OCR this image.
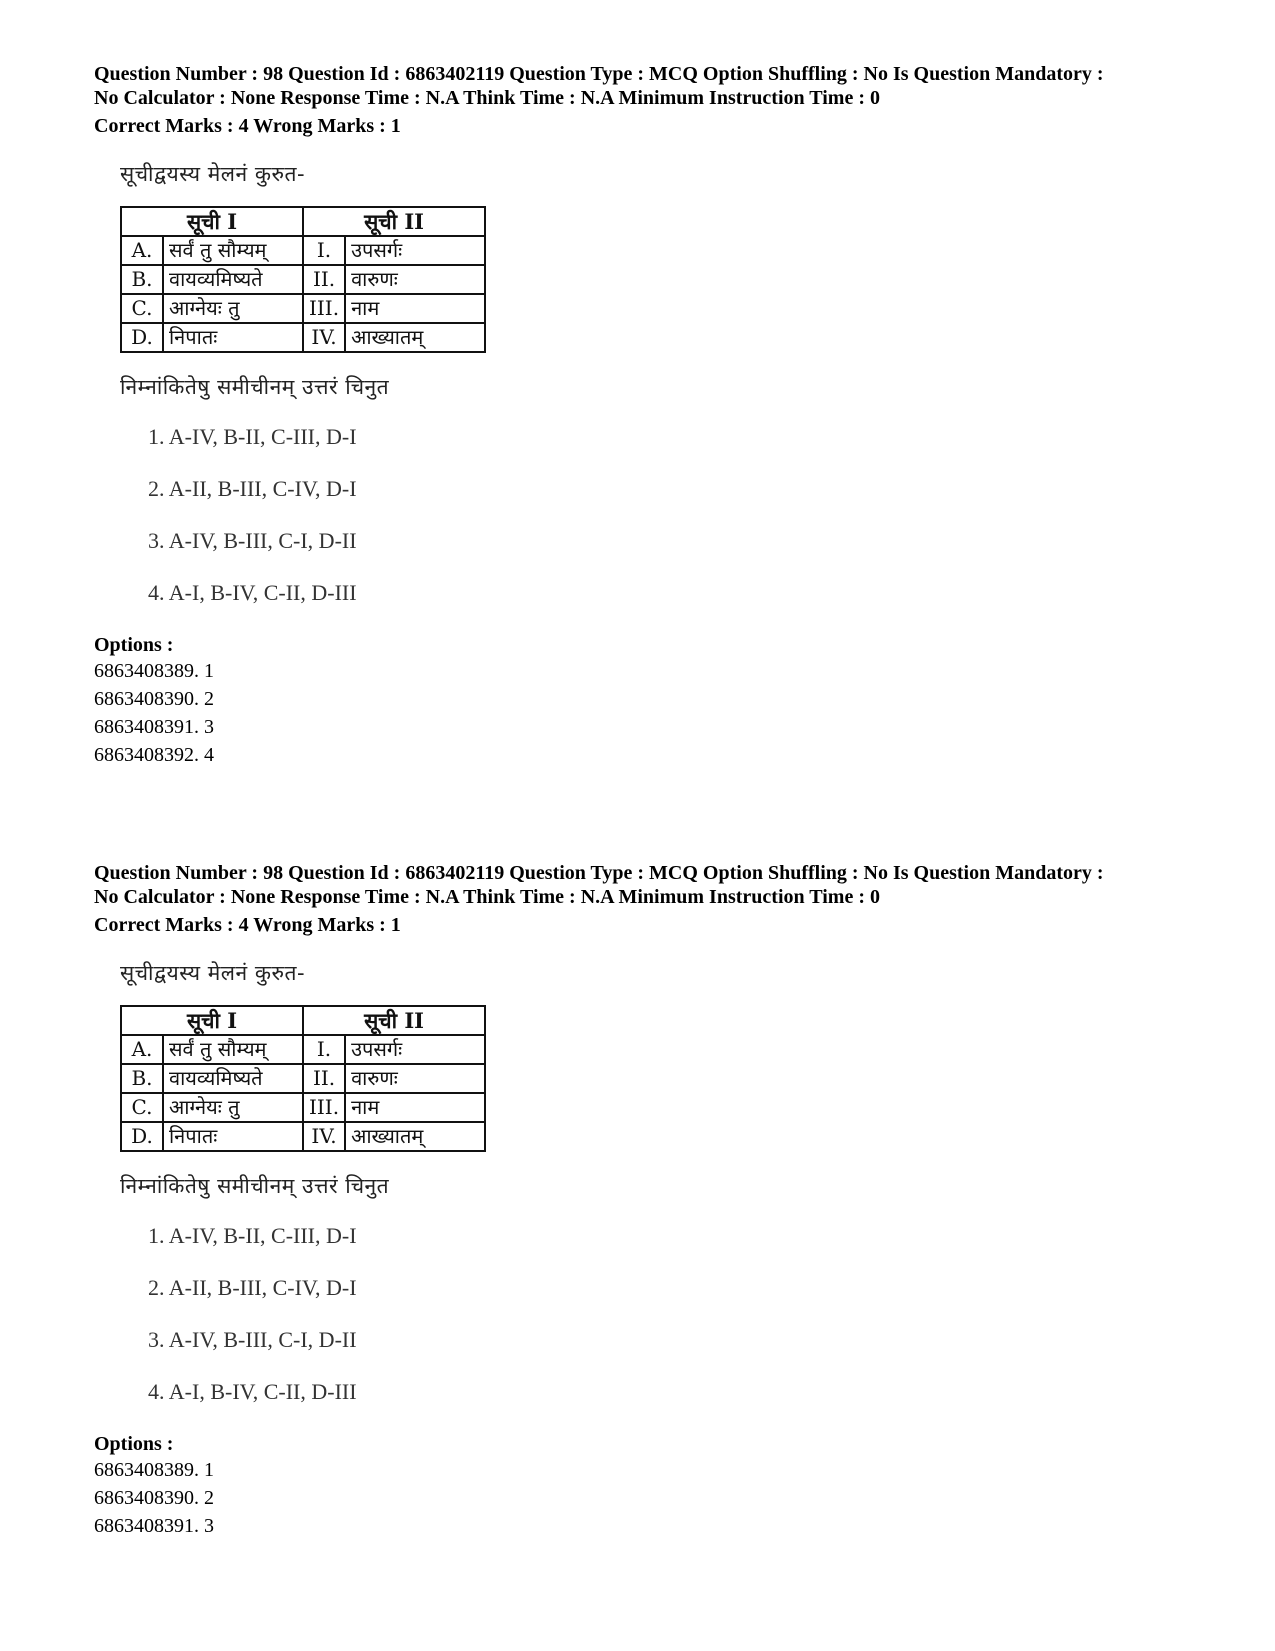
Question Number : 98 Question Id : 6863402119 Question Type : MCQ Option Shuffling : No Is Question Mandatory :

No Calculator : None Response Time : N.A Think Time : N.A Minimum Instruction Time : 0

Correct Marks : 4 Wrong Marks : 1
सूचीद्वयस्य मेलनं कुरुत-
सूची I		सूची II	
A.	सर्वं तु सौम्यम्	I.	उपसर्गः
B.	वायव्यमिष्यते	II.	वारुणः
C.	आग्नेयः तु	III.	नाम
D.	निपातः	IV.	आख्यातम्
निम्नांकितेषु समीचीनम् उत्तरं चिनुत
1. A-IV, B-II, C-III, D-I
2. A-II, B-III, C-IV, D-I
3. A-IV, B-III, C-I, D-II
4. A-I, B-IV, C-II, D-III
Options :
6863408389. 1
6863408390. 2
6863408391. 3
6863408392. 4

Question Number : 98 Question Id : 6863402119 Question Type : MCQ Option Shuffling : No Is Question Mandatory :

No Calculator : None Response Time : N.A Think Time : N.A Minimum Instruction Time : 0

Correct Marks : 4 Wrong Marks : 1
सूचीद्वयस्य मेलनं कुरुत-
सूची I		सूची II	
A.	सर्वं तु सौम्यम्	I.	उपसर्गः
B.	वायव्यमिष्यते	II.	वारुणः
C.	आग्नेयः तु	III.	नाम
D.	निपातः	IV.	आख्यातम्
निम्नांकितेषु समीचीनम् उत्तरं चिनुत
1. A-IV, B-II, C-III, D-I
2. A-II, B-III, C-IV, D-I
3. A-IV, B-III, C-I, D-II
4. A-I, B-IV, C-II, D-III
Options :
6863408389. 1
6863408390. 2
6863408391. 3
